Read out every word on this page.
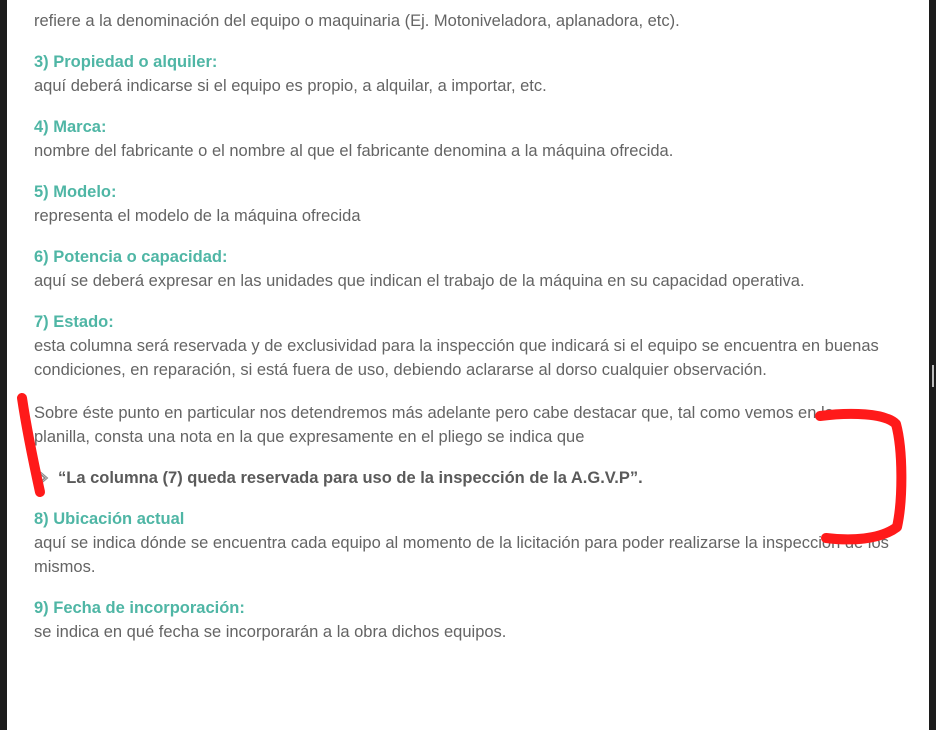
refiere a la denominación del equipo o maquinaria (Ej. Motoniveladora, aplanadora, etc).

3) Propiedad o alquiler:

aquí deberá indicarse si el equipo es propio, a alquilar, a importar, etc.

4) Marca:

nombre del fabricante o el nombre al que el fabricante denomina a la máquina ofrecida.

5) Modelo:

representa el modelo de la máquina ofrecida

6) Potencia o capacidad:

aquí se deberá expresar en las unidades que indican el trabajo de la máquina en su capacidad operativa.

7) Estado:

esta columna será reservada y de exclusividad para la inspección que indicará si el equipo se encuentra en buenas condiciones, en reparación, si está fuera de uso, debiendo aclararse al dorso cualquier observación.

Sobre éste punto en particular nos detendremos más adelante pero cabe destacar que, tal como vemos en la planilla, consta una nota en la que expresamente en el pliego se indica que

“La columna (7) queda reservada para uso de la inspección de la A.G.V.P”.

8) Ubicación actual

aquí se indica dónde se encuentra cada equipo al momento de la licitación para poder realizarse la inspección de los mismos.

9) Fecha de incorporación:

se indica en qué fecha se incorporarán a la obra dichos equipos.
